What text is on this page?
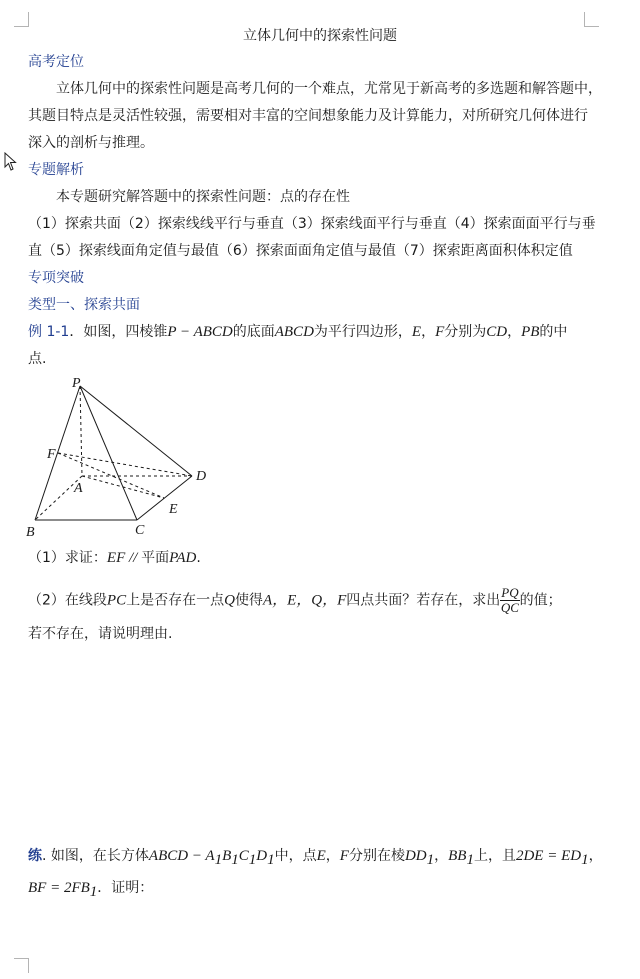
立体几何中的探索性问题
高考定位
立体几何中的探索性问题是高考几何的一个难点，尤常见于新高考的多选题和解答题中，
其题目特点是灵活性较强，需要相对丰富的空间想象能力及计算能力，对所研究几何体进行
深入的剖析与推理。
专题解析
本专题研究解答题中的探索性问题：点的存在性
（1）探索共面（2）探索线线平行与垂直（3）探索线面平行与垂直（4）探索面面平行与垂
直（5）探索线面角定值与最值（6）探索面面角定值与最值（7）探索距离面积体积定值
专项突破
类型一、探索共面
例 1-1．如图，四棱锥P − ABCD的底面ABCD为平行四边形，E，F分别为CD，PB的中
点.
P
F
A
D
E
B	C
（1）求证：EF // 平面PAD.
（2）在线段PC上是否存在一点Q使得A，E，Q，F四点共面？若存在，求出 $\frac{PQ}{QC}$ 的值；
若不存在，请说明理由.
练. 如图，在长方体ABCD − $A_1B_1C_1D_1$中，点E，F分别在棱$DD_1$，$BB_1$上，且$2DE = ED_1$，
BF = $2FB_1$．证明：
